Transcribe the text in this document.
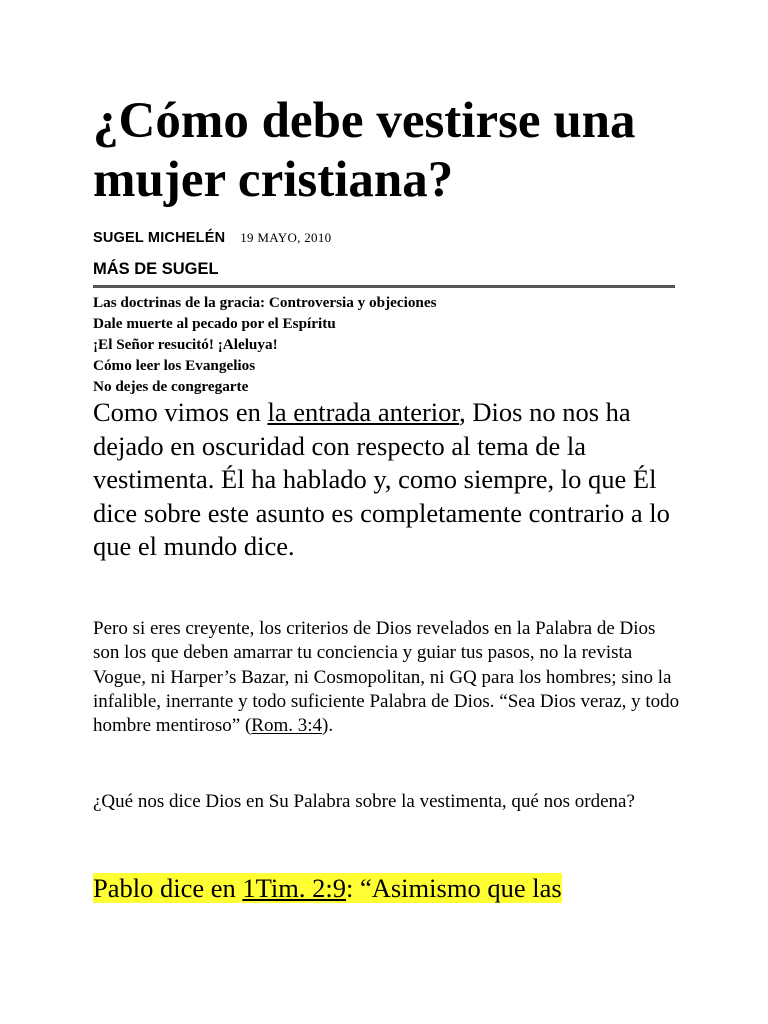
¿Cómo debe vestirse una mujer cristiana?
SUGEL MICHELÉN 19 MAYO, 2010
MÁS DE SUGEL
Las doctrinas de la gracia: Controversia y objeciones
Dale muerte al pecado por el Espíritu
¡El Señor resucitó! ¡Aleluya!
Cómo leer los Evangelios
No dejes de congregarte

Como vimos en la entrada anterior, Dios no nos ha dejado en oscuridad con respecto al tema de la vestimenta. Él ha hablado y, como siempre, lo que Él dice sobre este asunto es completamente contrario a lo que el mundo dice.

Pero si eres creyente, los criterios de Dios revelados en la Palabra de Dios son los que deben amarrar tu conciencia y guiar tus pasos, no la revista Vogue, ni Harper’s Bazar, ni Cosmopolitan, ni GQ para los hombres; sino la infalible, inerrante y todo suficiente Palabra de Dios. “Sea Dios veraz, y todo hombre mentiroso” (Rom. 3:4).

¿Qué nos dice Dios en Su Palabra sobre la vestimenta, qué nos ordena?

Pablo dice en 1Tim. 2:9: “Asimismo que las
